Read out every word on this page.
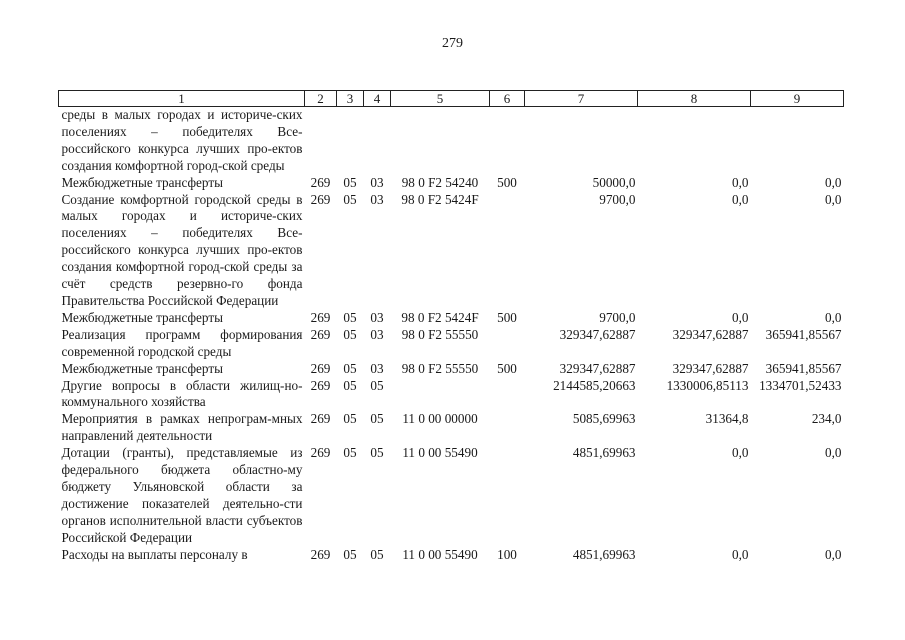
279
1	2	3	4	5	6	7	8	9
среды в малых городах и историче-ских поселениях – победителях Все-российского конкурса лучших про-ектов создания комфортной город-ской среды								
Межбюджетные трансферты	269	05	03	98 0 F2 54240	500	50000,0	0,0	0,0
Создание комфортной городской среды в малых городах и историче-ских поселениях – победителях Все-российского конкурса лучших про-ектов создания комфортной город-ской среды за счёт средств резервно-го фонда Правительства Российской Федерации	269	05	03	98 0 F2 5424F		9700,0	0,0	0,0
Межбюджетные трансферты	269	05	03	98 0 F2 5424F	500	9700,0	0,0	0,0
Реализация программ формирования современной городской среды	269	05	03	98 0 F2 55550		329347,62887	329347,62887	365941,85567
Межбюджетные трансферты	269	05	03	98 0 F2 55550	500	329347,62887	329347,62887	365941,85567
Другие вопросы в области жилищ-но-коммунального хозяйства	269	05	05			2144585,20663	1330006,85113	1334701,52433
Мероприятия в рамках непрограм-мных направлений деятельности	269	05	05	11 0 00 00000		5085,69963	31364,8	234,0
Дотации (гранты), представляемые из федерального бюджета областно-му бюджету Ульяновской области за достижение показателей деятельно-сти органов исполнительной власти субъектов Российской Федерации	269	05	05	11 0 00 55490		4851,69963	0,0	0,0
Расходы на выплаты персоналу в	269	05	05	11 0 00 55490	100	4851,69963	0,0	0,0
